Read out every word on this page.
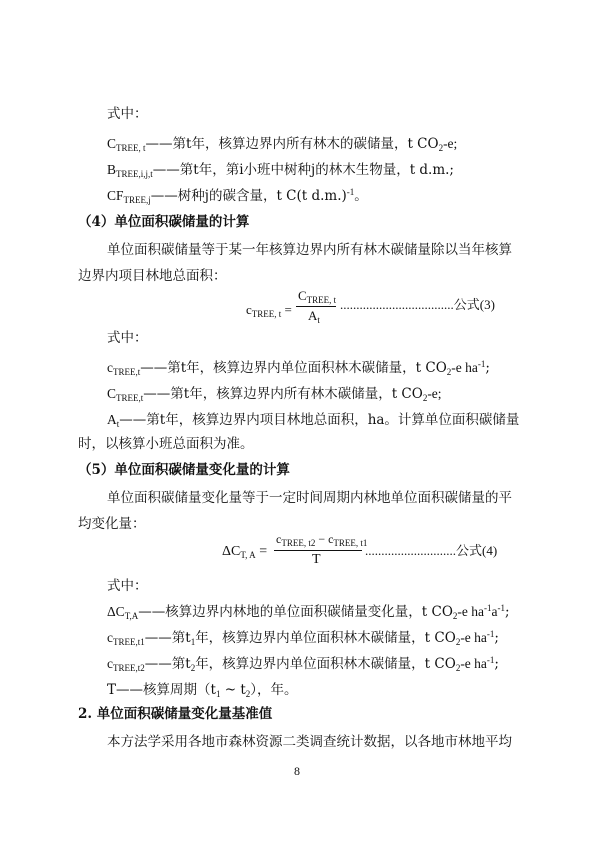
式中：
$C_{TREE, t}——$第t年，核算边界内所有林木的碳储量，t $CO_2-e$;
$B_{TREE,i,j,t}——$第t年，第i小班中树种j的林木生物量，t d.m.;
$CF_{TREE,j}——$树种j的碳含量，t C(t d.m.)$^{-1}$。
（4）单位面积碳储量的计算
单位面积碳储量等于某一年核算边界内所有林木碳储量除以当年核算
边界内项目林地总面积：
$c_{TREE, t}$ =
$C_{TREE, t}$
$A_t$
...................................公式(3)
式中：
$c_{TREE,t}——$第t年，核算边界内单位面积林木碳储量，t $CO_2-e$ $ha^{-1}$;
$C_{TREE,t}——$第t年，核算边界内所有林木碳储量，t $CO_2-e$;
$A_t——$第t年，核算边界内项目林地总面积，ha。计算单位面积碳储量
时，以核算小班总面积为准。
（5）单位面积碳储量变化量的计算
单位面积碳储量变化量等于一定时间周期内林地单位面积碳储量的平
均变化量：
$\Delta C_{T, A}$ =
$c_{TREE, t2} - c_{TREE, t1}$
T
............................公式(4)
式中：
$\Delta C_{T,A}——$核算边界内林地的单位面积碳储量变化量，t $CO_2-e$ $ha^{-1}a^{-1}$;
$c_{TREE,t1}——$第$t_1$年，核算边界内单位面积林木碳储量，t $CO_2-e$ $ha^{-1}$;
$c_{TREE,t2}——$第$t_2$年，核算边界内单位面积林木碳储量，t $CO_2-e$ $ha^{-1}$;
T——核算周期（$t_1$ ~ $t_2$），年。
2. 单位面积碳储量变化量基准值
本方法学采用各地市森林资源二类调查统计数据，以各地市林地平均
8
